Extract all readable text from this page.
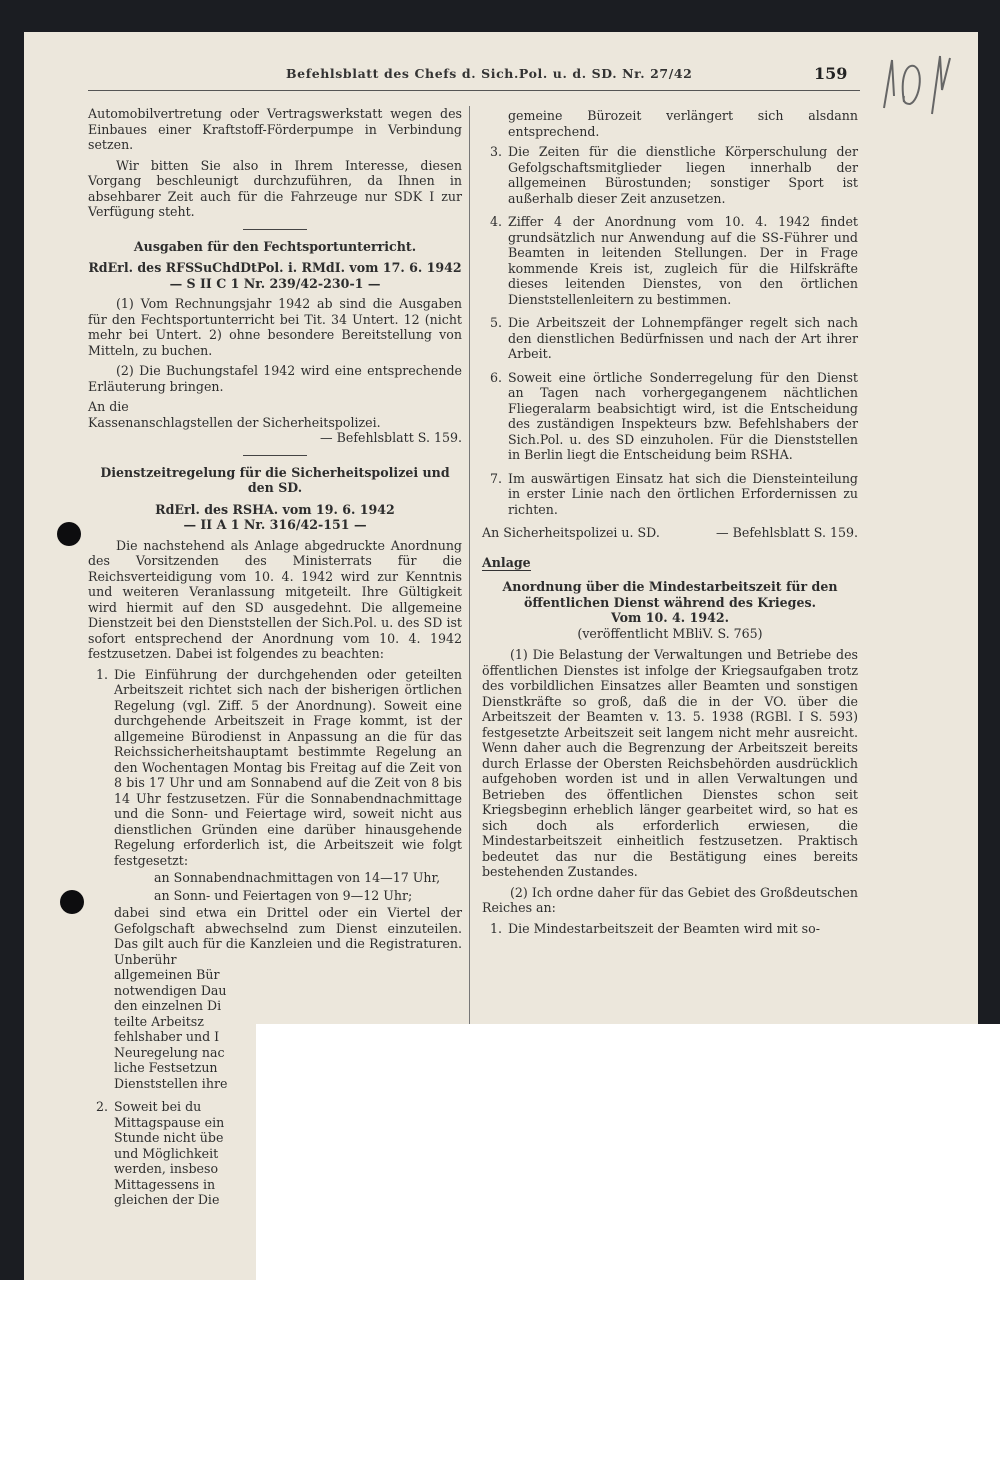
Befehlsblatt des Chefs d. Sich.Pol. u. d. SD. Nr. 27/42	159

Automobilvertretung oder Vertragswerkstatt wegen des Einbaues einer Kraftstoff-Förderpumpe in Verbindung setzen.

Wir bitten Sie also in Ihrem Interesse, diesen Vorgang beschleunigt durchzuführen, da Ihnen in absehbarer Zeit auch für die Fahrzeuge nur SDK I zur Verfügung steht.

Ausgaben für den Fechtsportunterricht.

RdErl. des RFSSuChdDtPol. i. RMdI. vom 17. 6. 1942

— S II C 1 Nr. 239/42-230-1 —

(1) Vom Rechnungsjahr 1942 ab sind die Ausgaben für den Fechtsportunterricht bei Tit. 34 Untert. 12 (nicht mehr bei Untert. 2) ohne besondere Bereitstellung von Mitteln, zu buchen.

(2) Die Buchungstafel 1942 wird eine entsprechende Erläuterung bringen.

An die

Kassenanschlagstellen der Sicherheitspolizei.

— Befehlsblatt S. 159.

Dienstzeitregelung für die Sicherheitspolizei und den SD.

RdErl. des RSHA. vom 19. 6. 1942

— II A 1 Nr. 316/42-151 —

Die nachstehend als Anlage abgedruckte Anordnung des Vorsitzenden des Ministerrats für die Reichsverteidigung vom 10. 4. 1942 wird zur Kenntnis und weiteren Veranlassung mitgeteilt. Ihre Gültigkeit wird hiermit auf den SD ausgedehnt. Die allgemeine Dienstzeit bei den Dienststellen der Sich.Pol. u. des SD ist sofort entsprechend der Anordnung vom 10. 4. 1942 festzusetzen. Dabei ist folgendes zu beachten:

1. Die Einführung der durchgehenden oder geteilten Arbeitszeit richtet sich nach der bisherigen örtlichen Regelung (vgl. Ziff. 5 der Anordnung). Soweit eine durchgehende Arbeitszeit in Frage kommt, ist der allgemeine Bürodienst in Anpassung an die für das Reichssicherheitshauptamt bestimmte Regelung an den Wochentagen Montag bis Freitag auf die Zeit von 8 bis 17 Uhr und am Sonnabend auf die Zeit von 8 bis 14 Uhr festzusetzen. Für die Sonnabendnachmittage und die Sonn- und Feiertage wird, soweit nicht aus dienstlichen Gründen eine darüber hinausgehende Regelung erforderlich ist, die Arbeitszeit wie folgt festgesetzt:
an Sonnabendnachmittagen von 14—17 Uhr,
an Sonn- und Feiertagen von 9—12 Uhr;
dabei sind etwa ein Drittel oder ein Viertel der Gefolgschaft abwechselnd zum Dienst einzuteilen. Das gilt auch für die Kanzleien und die Registraturen. Unberühr
allgemeinen Bür
notwendigen Dau
den einzelnen Di
teilte Arbeitsz
fehlshaber und I
Neuregelung nac
liche Festsetzun
Dienststellen ihre
2. Soweit bei du
Mittagspause ein
Stunde nicht übe
und Möglichkeit
werden, insbeso
Mittagessens in
gleichen der Die

gemeine Bürozeit verlängert sich alsdann entsprechend.

3. Die Zeiten für die dienstliche Körperschulung der Gefolgschaftsmitglieder liegen innerhalb der allgemeinen Bürostunden; sonstiger Sport ist außerhalb dieser Zeit anzusetzen.
4. Ziffer 4 der Anordnung vom 10. 4. 1942 findet grundsätzlich nur Anwendung auf die SS-Führer und Beamten in leitenden Stellungen. Der in Frage kommende Kreis ist, zugleich für die Hilfskräfte dieses leitenden Dienstes, von den örtlichen Dienststellenleitern zu bestimmen.
5. Die Arbeitszeit der Lohnempfänger regelt sich nach den dienstlichen Bedürfnissen und nach der Art ihrer Arbeit.
6. Soweit eine örtliche Sonderregelung für den Dienst an Tagen nach vorhergegangenem nächtlichen Fliegeralarm beabsichtigt wird, ist die Entscheidung des zuständigen Inspekteurs bzw. Befehlshabers der Sich.Pol. u. des SD einzuholen. Für die Dienststellen in Berlin liegt die Entscheidung beim RSHA.
7. Im auswärtigen Einsatz hat sich die Diensteinteilung in erster Linie nach den örtlichen Erfordernissen zu richten.
An Sicherheitspolizei u. SD.	— Befehlsblatt S. 159.
Anlage
Anordnung über die Mindestarbeitszeit für den öffentlichen Dienst während des Krieges.
Vom 10. 4. 1942.
(veröffentlicht MBliV. S. 765)

(1) Die Belastung der Verwaltungen und Betriebe des öffentlichen Dienstes ist infolge der Kriegsaufgaben trotz des vorbildlichen Einsatzes aller Beamten und sonstigen Dienstkräfte so groß, daß die in der VO. über die Arbeitszeit der Beamten v. 13. 5. 1938 (RGBl. I S. 593) festgesetzte Arbeitszeit seit langem nicht mehr ausreicht. Wenn daher auch die Begrenzung der Arbeitszeit bereits durch Erlasse der Obersten Reichsbehörden ausdrücklich aufgehoben worden ist und in allen Verwaltungen und Betrieben des öffentlichen Dienstes schon seit Kriegsbeginn erheblich länger gearbeitet wird, so hat es sich doch als erforderlich erwiesen, die Mindestarbeitszeit einheitlich festzusetzen. Praktisch bedeutet das nur die Bestätigung eines bereits bestehenden Zustandes.

(2) Ich ordne daher für das Gebiet des Großdeutschen Reiches an:

1. Die Mindestarbeitszeit der Beamten wird mit so-
